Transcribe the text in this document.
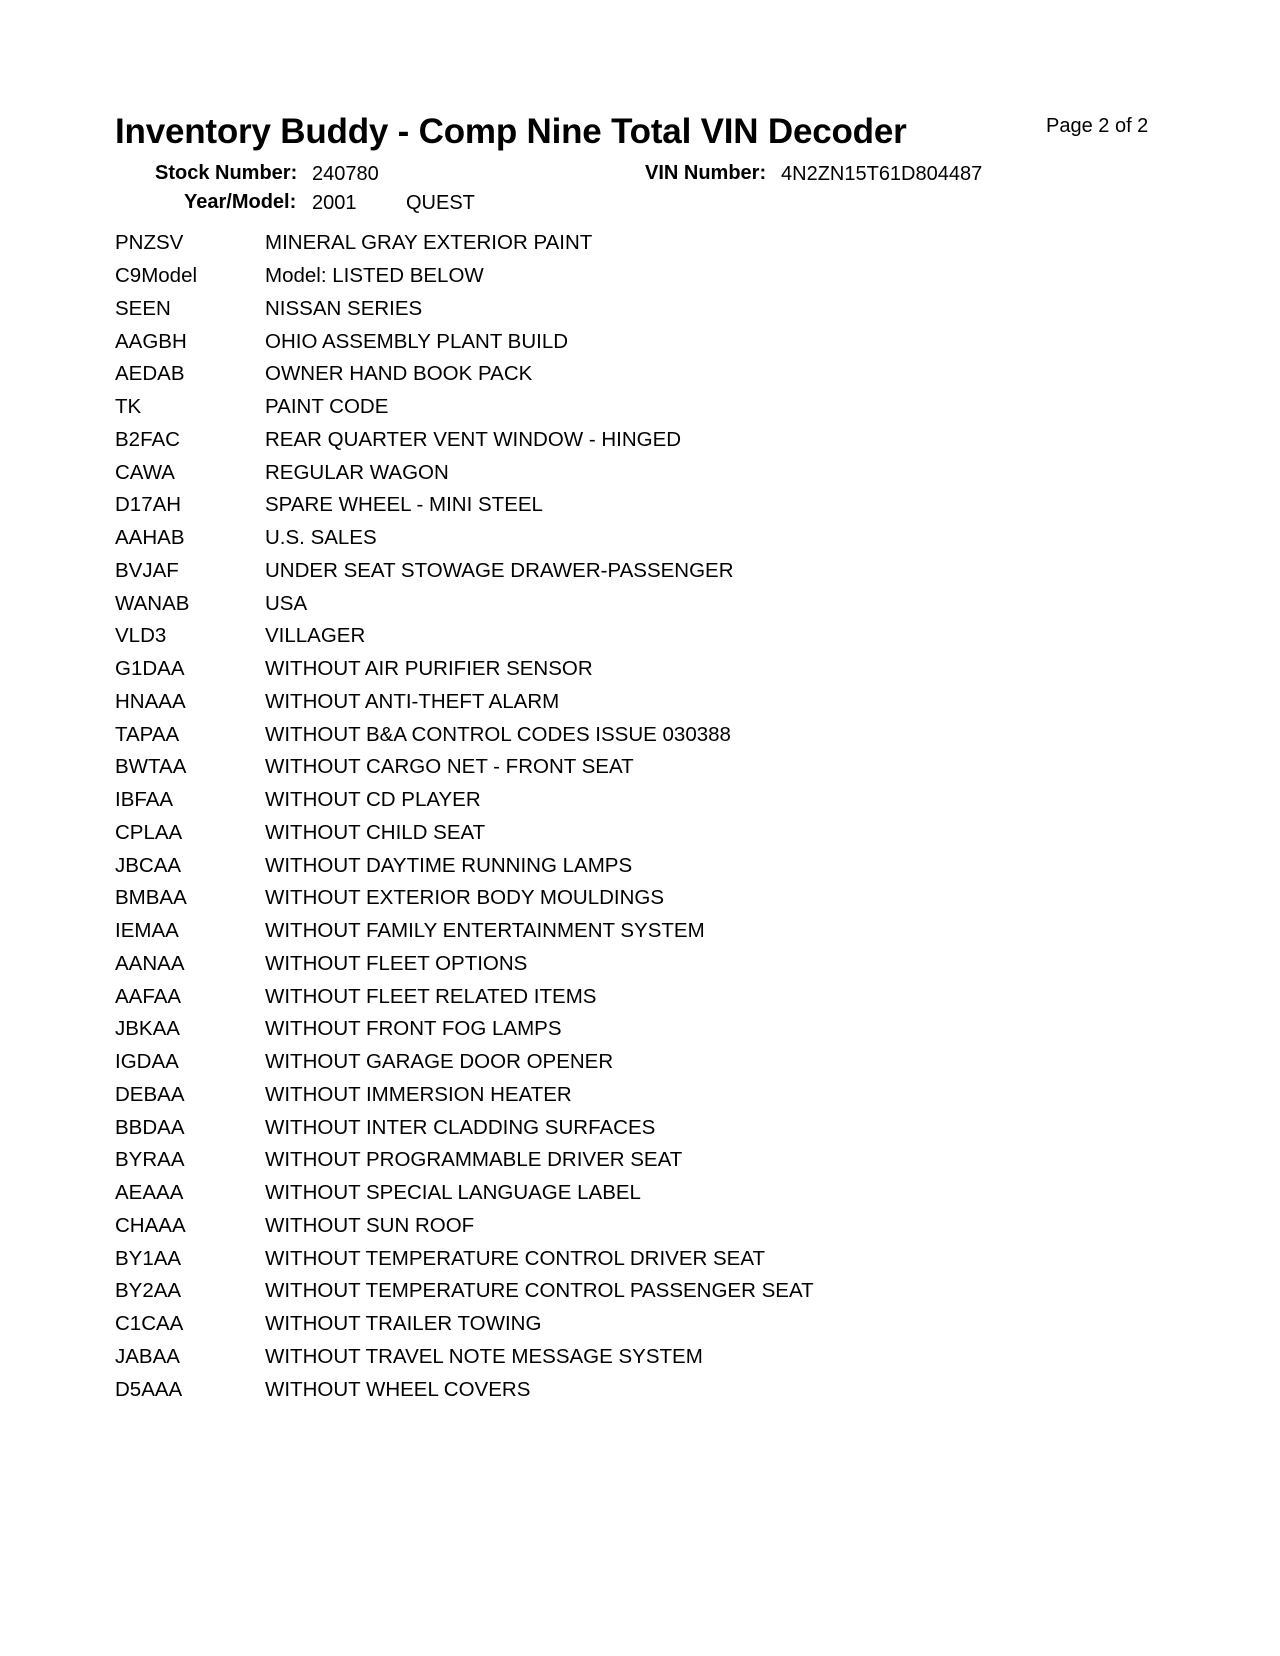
Inventory Buddy - Comp Nine Total VIN Decoder	Page 2 of 2
Stock Number: 240780	VIN Number: 4N2ZN15T61D804487
Year/Model: 2001 QUEST
PNZSV	MINERAL GRAY EXTERIOR PAINT
C9Model	Model: LISTED BELOW
SEEN	NISSAN SERIES
AAGBH	OHIO ASSEMBLY PLANT BUILD
AEDAB	OWNER HAND BOOK PACK
TK	PAINT CODE
B2FAC	REAR QUARTER VENT WINDOW - HINGED
CAWA	REGULAR WAGON
D17AH	SPARE WHEEL - MINI STEEL
AAHAB	U.S. SALES
BVJAF	UNDER SEAT STOWAGE DRAWER-PASSENGER
WANAB	USA
VLD3	VILLAGER
G1DAA	WITHOUT AIR PURIFIER SENSOR
HNAAA	WITHOUT ANTI-THEFT ALARM
TAPAA	WITHOUT B&A CONTROL CODES ISSUE 030388
BWTAA	WITHOUT CARGO NET - FRONT SEAT
IBFAA	WITHOUT CD PLAYER
CPLAA	WITHOUT CHILD SEAT
JBCAA	WITHOUT DAYTIME RUNNING LAMPS
BMBAA	WITHOUT EXTERIOR BODY MOULDINGS
IEMAA	WITHOUT FAMILY ENTERTAINMENT SYSTEM
AANAA	WITHOUT FLEET OPTIONS
AAFAA	WITHOUT FLEET RELATED ITEMS
JBKAA	WITHOUT FRONT FOG LAMPS
IGDAA	WITHOUT GARAGE DOOR OPENER
DEBAA	WITHOUT IMMERSION HEATER
BBDAA	WITHOUT INTER CLADDING SURFACES
BYRAA	WITHOUT PROGRAMMABLE DRIVER SEAT
AEAAA	WITHOUT SPECIAL LANGUAGE LABEL
CHAAA	WITHOUT SUN ROOF
BY1AA	WITHOUT TEMPERATURE CONTROL DRIVER SEAT
BY2AA	WITHOUT TEMPERATURE CONTROL PASSENGER SEAT
C1CAA	WITHOUT TRAILER TOWING
JABAA	WITHOUT TRAVEL NOTE MESSAGE SYSTEM
D5AAA	WITHOUT WHEEL COVERS
